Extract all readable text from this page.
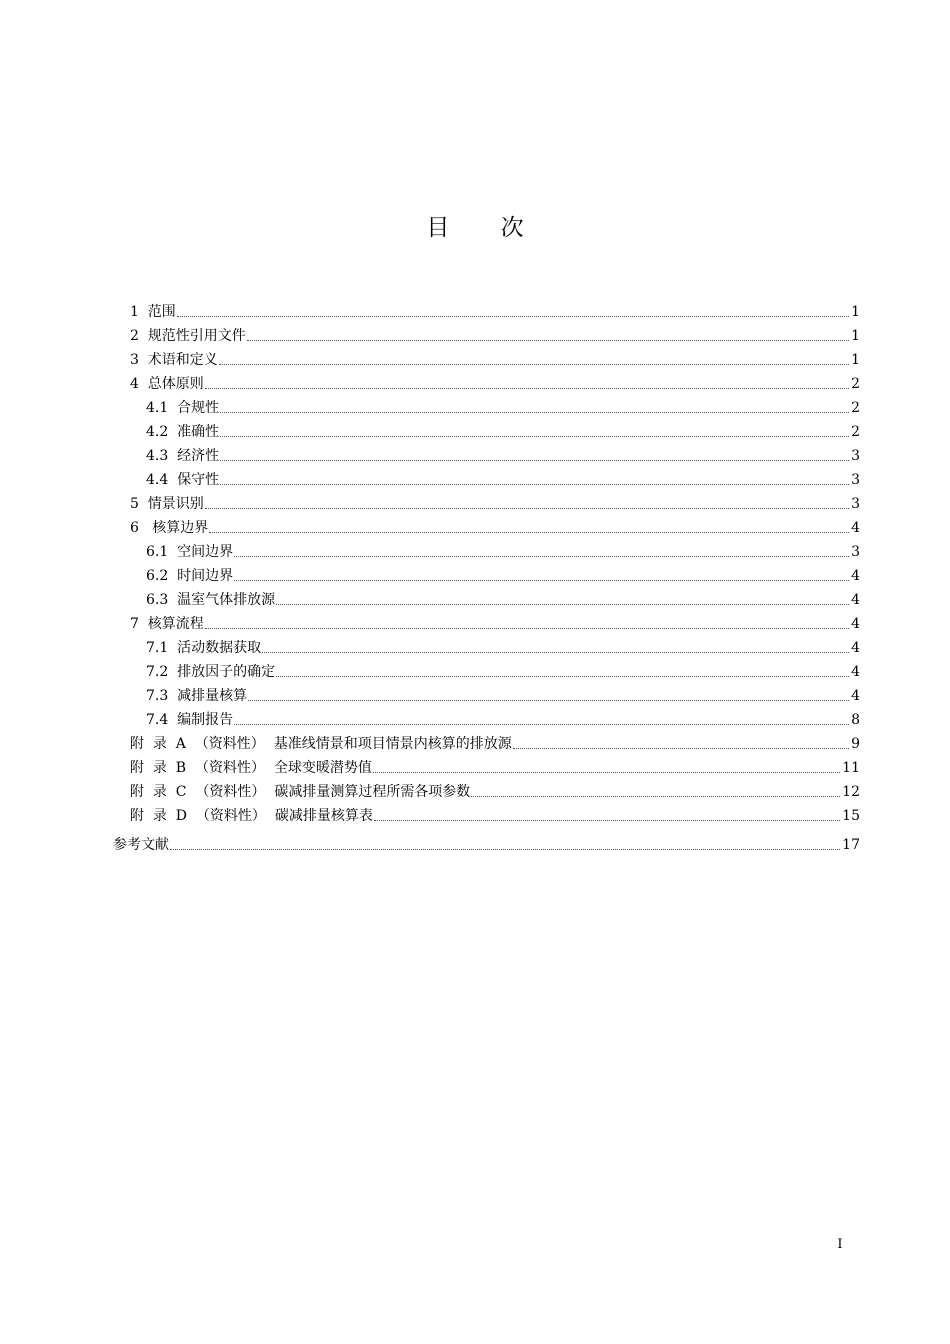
目 次
1  范围	1
2  规范性引用文件	1
3  术语和定义	1
4  总体原则	2
4.1  合规性	2
4.2  准确性	2
4.3  经济性	3
4.4  保守性	3
5  情景识别	3
6   核算边界	4
6.1  空间边界	3
6.2  时间边界	4
6.3  温室气体排放源	4
7  核算流程	4
7.1  活动数据获取	4
7.2  排放因子的确定	4
7.3  减排量核算	4
7.4  编制报告	8
附  录  A  （资料性）  基准线情景和项目情景内核算的排放源	9
附  录  B  （资料性）  全球变暖潜势值	11
附  录  C  （资料性）  碳减排量测算过程所需各项参数	12
附  录  D  （资料性）  碳减排量核算表	15
参考文献	17
I
